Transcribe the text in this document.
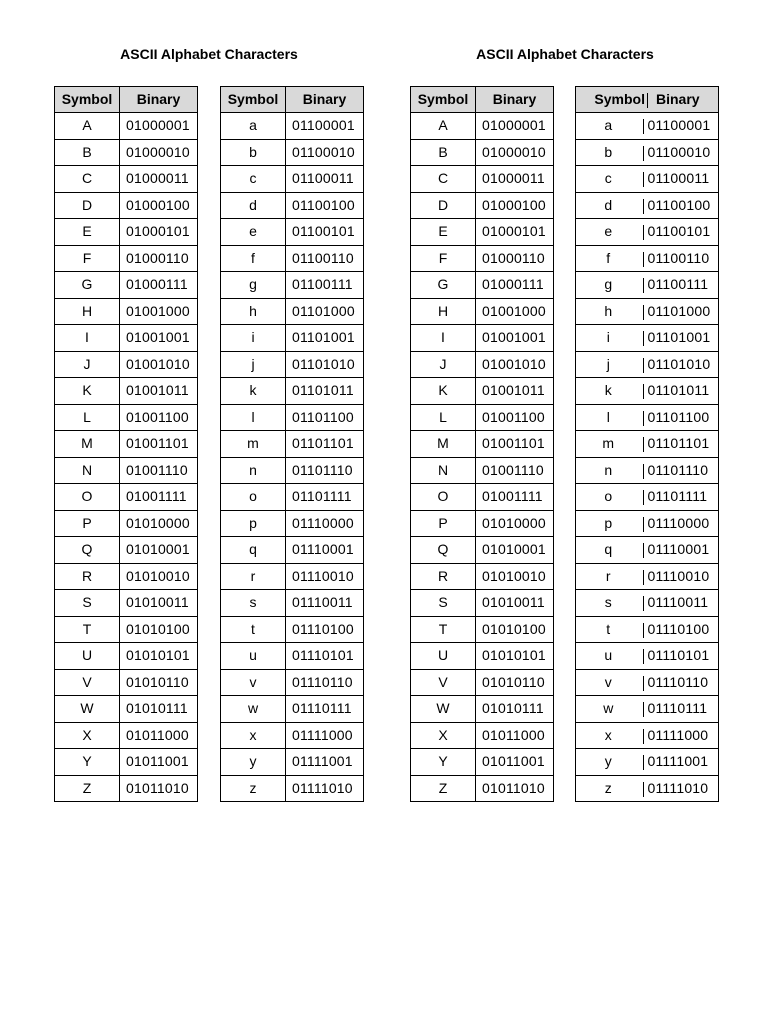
ASCII Alphabet Characters	ASCII Alphabet Characters
Symbol	Binary
A	01000001
B	01000010
C	01000011
D	01000100
E	01000101
F	01000110
G	01000111
H	01001000
I	01001001
J	01001010
K	01001011
L	01001100
M	01001101
N	01001110
O	01001111
P	01010000
Q	01010001
R	01010010
S	01010011
T	01010100
U	01010101
V	01010110
W	01010111
X	01011000
Y	01011001
Z	01011010
Symbol	Binary
a	01100001
b	01100010
c	01100011
d	01100100
e	01100101
f	01100110
g	01100111
h	01101000
i	01101001
j	01101010
k	01101011
l	01101100
m	01101101
n	01101110
o	01101111
p	01110000
q	01110001
r	01110010
s	01110011
t	01110100
u	01110101
v	01110110
w	01110111
x	01111000
y	01111001
z	01111010
Symbol	Binary
A	01000001
B	01000010
C	01000011
D	01000100
E	01000101
F	01000110
G	01000111
H	01001000
I	01001001
J	01001010
K	01001011
L	01001100
M	01001101
N	01001110
O	01001111
P	01010000
Q	01010001
R	01010010
S	01010011
T	01010100
U	01010101
V	01010110
W	01010111
X	01011000
Y	01011001
Z	01011010
Symbol Binary	
a	01100001
b	01100010
c	01100011
d	01100100
e	01100101
f	01100110
g	01100111
h	01101000
i	01101001
j	01101010
k	01101011
l	01101100
m	01101101
n	01101110
o	01101111
p	01110000
q	01110001
r	01110010
s	01110011
t	01110100
u	01110101
v	01110110
w	01110111
x	01111000
y	01111001
z	01111010
